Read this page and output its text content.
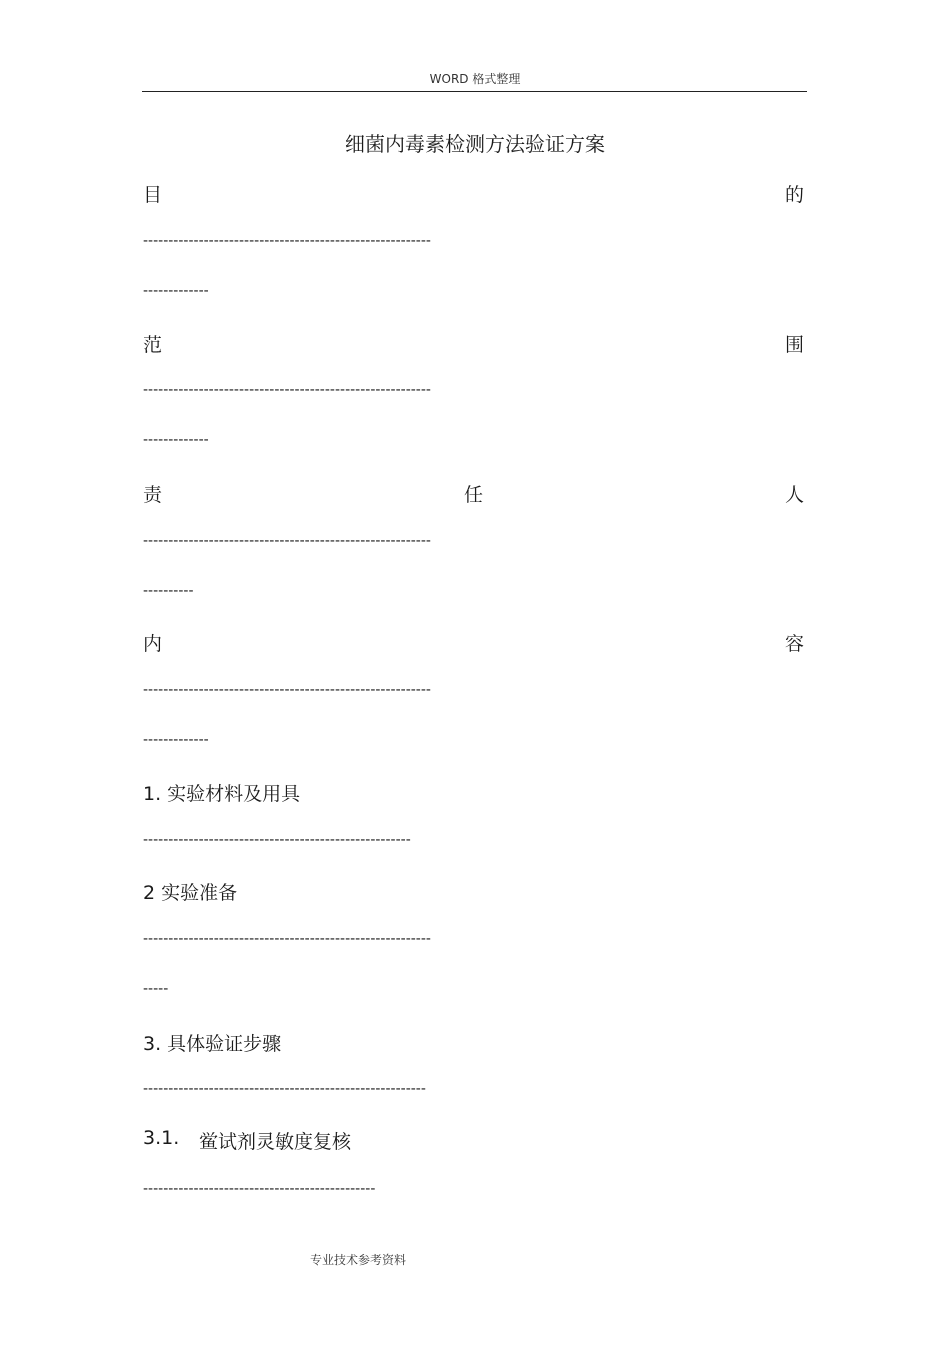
WORD 格式整理
细菌内毒素检测方法验证方案
目	的
---------------------------------------------------------
-------------
范	围
---------------------------------------------------------
-------------
责	任	人
---------------------------------------------------------
----------
内	容
---------------------------------------------------------
-------------
1. 实验材料及用具
-----------------------------------------------------
2 实验准备
---------------------------------------------------------
-----
3. 具体验证步骤
--------------------------------------------------------
3.1. 鲎试剂灵敏度复核
----------------------------------------------
专业技术参考资料
